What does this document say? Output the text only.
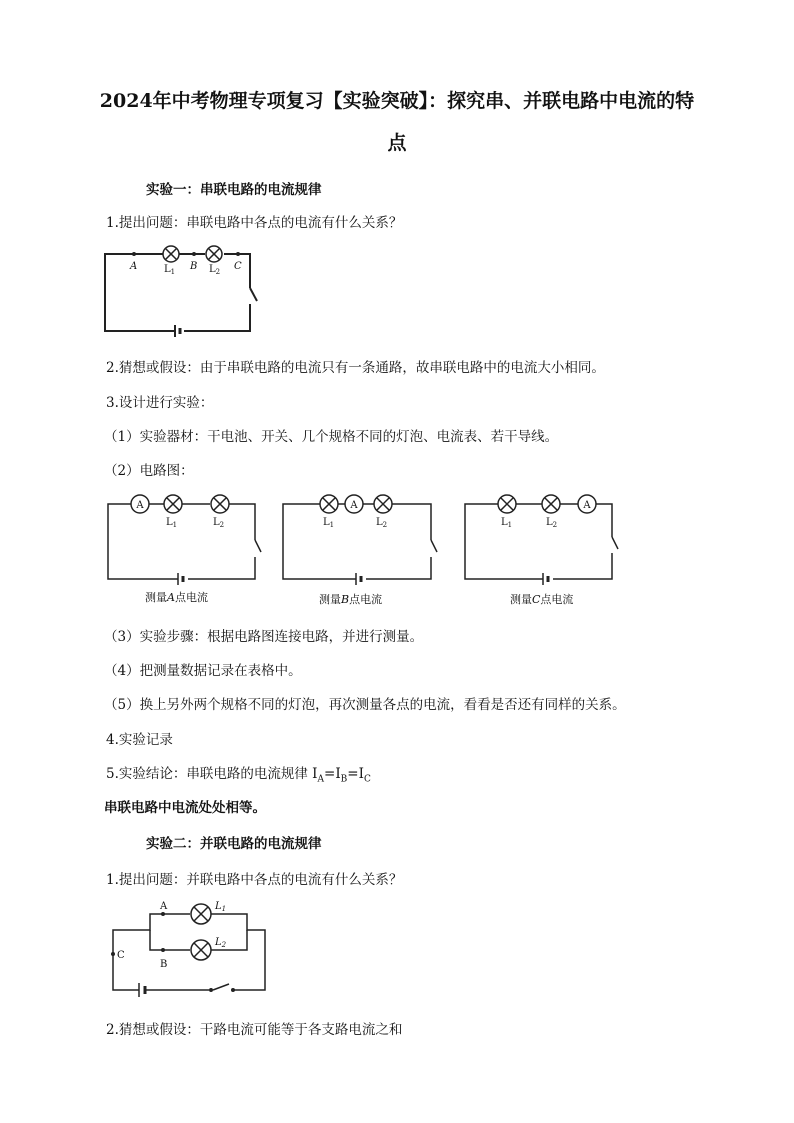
2024年中考物理专项复习【实验突破】：探究串、并联电路中电流的特
点
实验一：串联电路的电流规律
1.提出问题：串联电路中各点的电流有什么关系？
A	B	C
$L_1$	$L_2$
2.猜想或假设：由于串联电路的电流只有一条通路，故串联电路中的电流大小相同。
3.设计进行实验：
（1）实验器材：干电池、开关、几个规格不同的灯泡、电流表、若干导线。
（2）电路图：
A
$L_1$	$L_2$
测量A点电流
A
$L_1$	$L_2$
测量B点电流
A
$L_1$	$L_2$
测量C点电流
（3）实验步骤：根据电路图连接电路，并进行测量。
（4）把测量数据记录在表格中。
（5）换上另外两个规格不同的灯泡，再次测量各点的电流，看看是否还有同样的关系。
4.实验记录
5.实验结论：串联电路的电流规律 $I_A=I_B=I_C$
串联电路中电流处处相等。
实验二：并联电路的电流规律
1.提出问题：并联电路中各点的电流有什么关系？
A
B
C
$L_1$
$L_2$
2.猜想或假设：干路电流可能等于各支路电流之和
